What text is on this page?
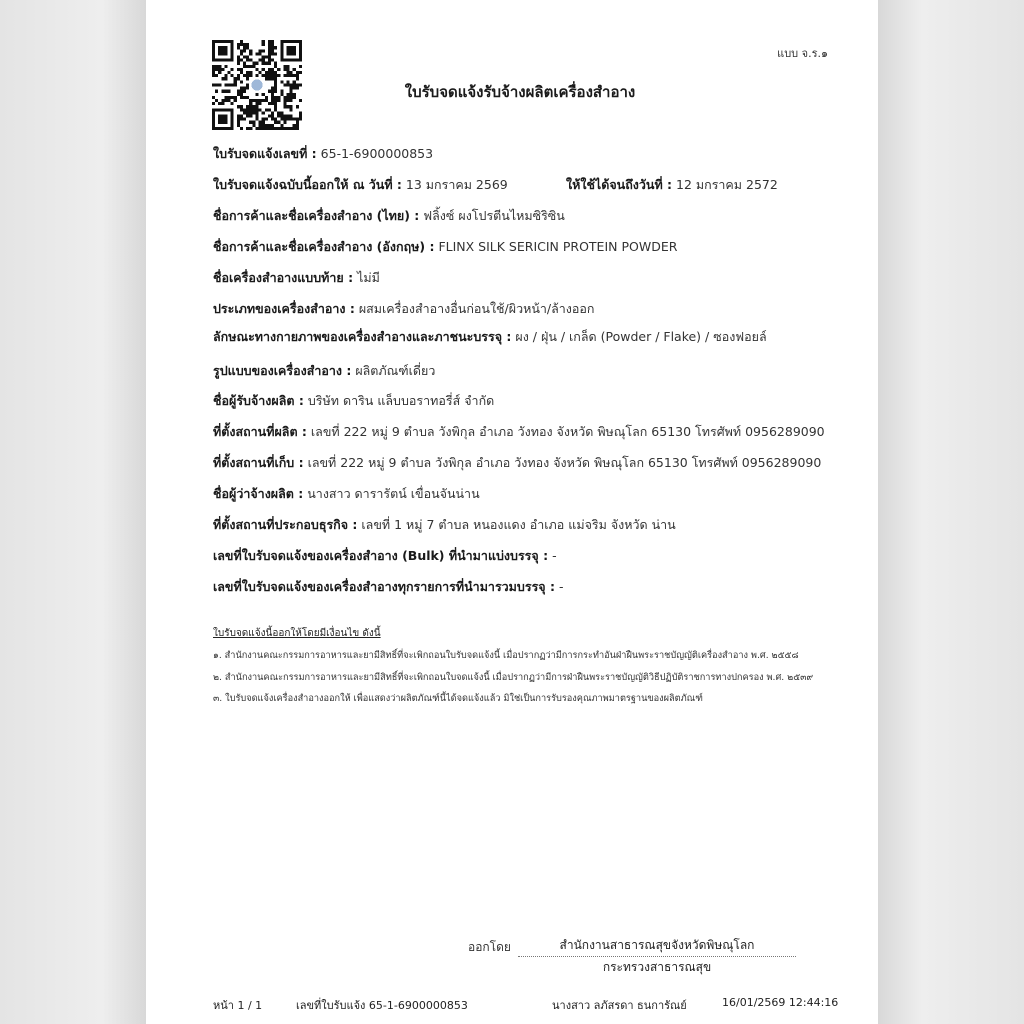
แบบ จ.ร.๑
ใบรับจดแจ้งรับจ้างผลิตเครื่องสำอาง
ใบรับจดแจ้งเลขที่ : 65-1-6900000853
ใบรับจดแจ้งฉบับนี้ออกให้ ณ วันที่ : 13 มกราคม 2569	ให้ใช้ได้จนถึงวันที่ : 12 มกราคม 2572
ชื่อการค้าและชื่อเครื่องสำอาง (ไทย) : ฟลิ้งซ์ ผงโปรตีนไหมซิริซิน
ชื่อการค้าและชื่อเครื่องสำอาง (อังกฤษ) : FLINX SILK SERICIN PROTEIN POWDER
ชื่อเครื่องสำอางแบบท้าย : ไม่มี
ประเภทของเครื่องสำอาง : ผสมเครื่องสำอางอื่นก่อนใช้/ผิวหน้า/ล้างออก
ลักษณะทางกายภาพของเครื่องสำอางและภาชนะบรรจุ : ผง / ฝุ่น / เกล็ด (Powder / Flake) / ซองฟอยล์
รูปแบบของเครื่องสำอาง : ผลิตภัณฑ์เดี่ยว
ชื่อผู้รับจ้างผลิต : บริษัท ดาริน แล็บบอราทอรี่ส์ จำกัด
ที่ตั้งสถานที่ผลิต : เลขที่ 222 หมู่ 9 ตำบล วังพิกุล อำเภอ วังทอง จังหวัด พิษณุโลก 65130 โทรศัพท์ 0956289090
ที่ตั้งสถานที่เก็บ : เลขที่ 222 หมู่ 9 ตำบล วังพิกุล อำเภอ วังทอง จังหวัด พิษณุโลก 65130 โทรศัพท์ 0956289090
ชื่อผู้ว่าจ้างผลิต : นางสาว ดารารัตน์ เขื่อนจันน่าน
ที่ตั้งสถานที่ประกอบธุรกิจ : เลขที่ 1 หมู่ 7 ตำบล หนองแดง อำเภอ แม่จริม จังหวัด น่าน
เลขที่ใบรับจดแจ้งของเครื่องสำอาง (Bulk) ที่นำมาแบ่งบรรจุ : -
เลขที่ใบรับจดแจ้งของเครื่องสำอางทุกรายการที่นำมารวมบรรจุ : -
ใบรับจดแจ้งนี้ออกให้โดยมีเงื่อนไข ดังนี้
๑. สำนักงานคณะกรรมการอาหารและยามีสิทธิ์ที่จะเพิกถอนใบรับจดแจ้งนี้ เมื่อปรากฏว่ามีการกระทำอันฝ่าฝืนพระราชบัญญัติเครื่องสำอาง พ.ศ. ๒๕๕๘
๒. สำนักงานคณะกรรมการอาหารและยามีสิทธิ์ที่จะเพิกถอนใบจดแจ้งนี้ เมื่อปรากฏว่ามีการฝ่าฝืนพระราชบัญญัติวิธีปฏิบัติราชการทางปกครอง พ.ศ. ๒๕๓๙
๓. ใบรับจดแจ้งเครื่องสำอางออกให้ เพื่อแสดงว่าผลิตภัณฑ์นี้ได้จดแจ้งแล้ว มิใช่เป็นการรับรองคุณภาพมาตรฐานของผลิตภัณฑ์
ออกโดย	สำนักงานสาธารณสุขจังหวัดพิษณุโลก
กระทรวงสาธารณสุข
หน้า 1 / 1	เลขที่ใบรับแจ้ง 65-1-6900000853	นางสาว ลภัสรดา ธนการัณย์	16/01/2569 12:44:16
